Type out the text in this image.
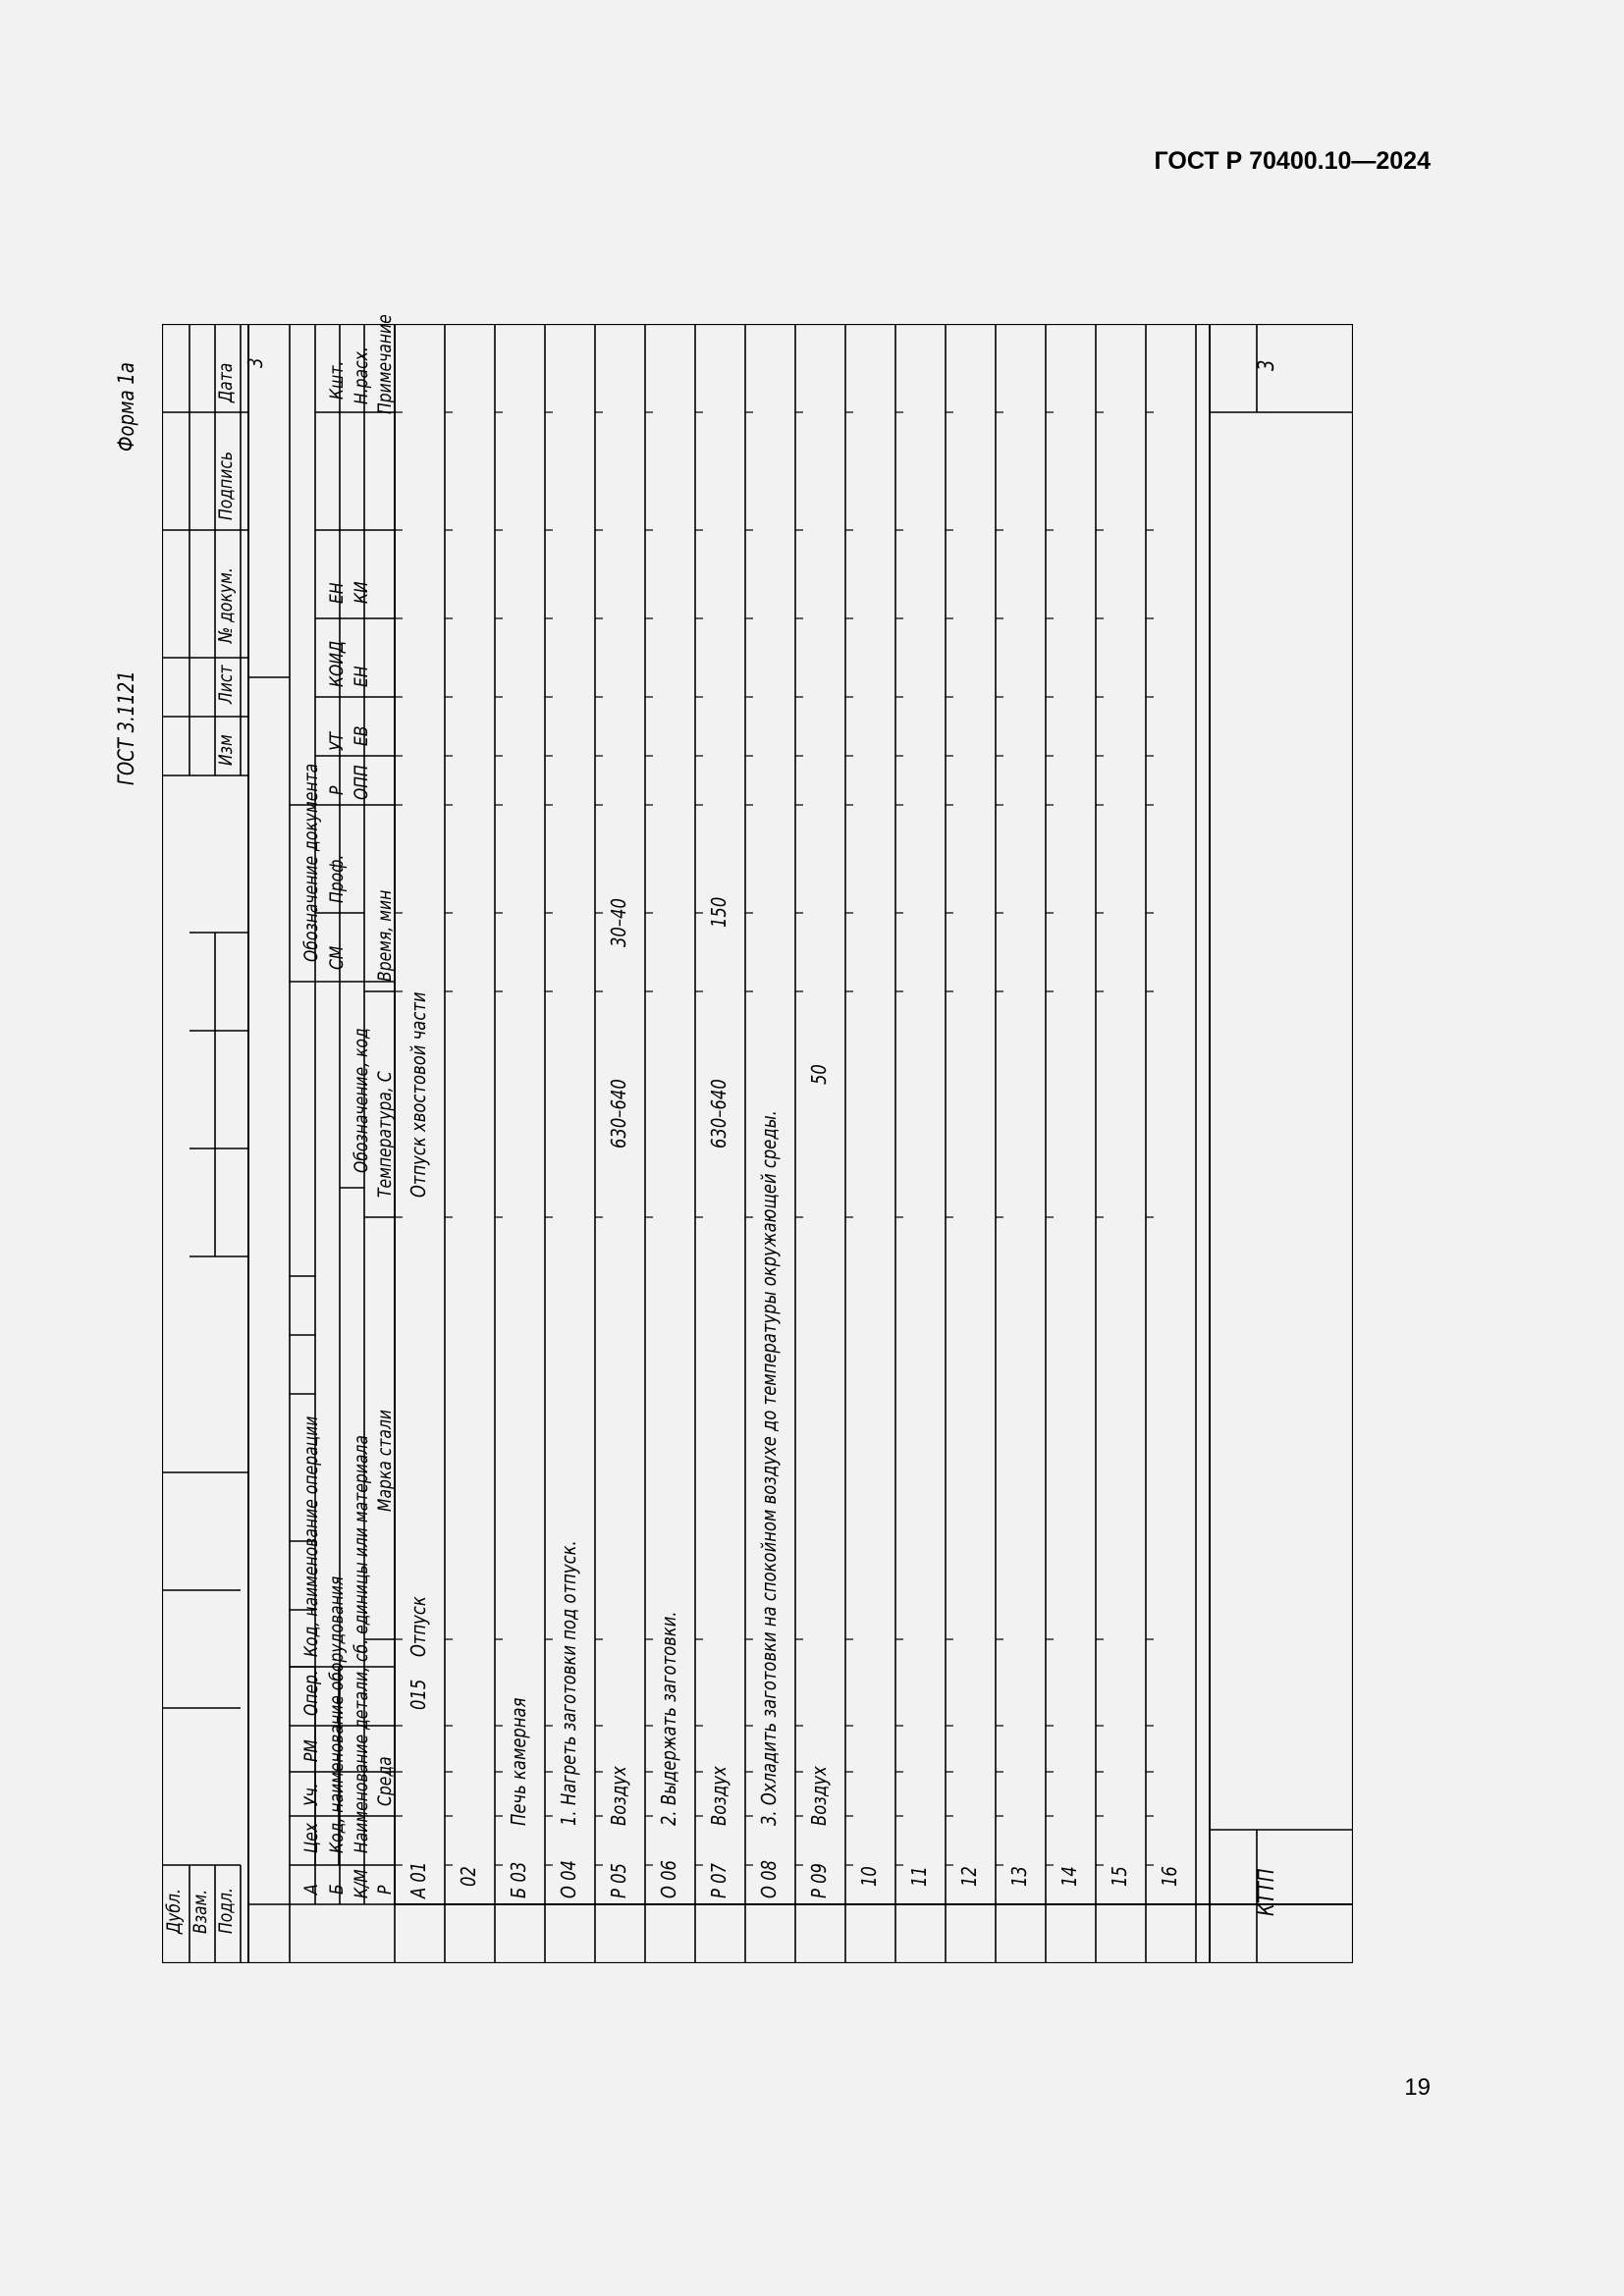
ГОСТ Р 70400.10—2024
Форма 1а
ГОСТ 3.1121
Дубл. Взам. Подл.
Изм
Лист
№ докум.
Подпись
Дата 3
А
Цех
Уч.
РМ
Опер.
Код, наименование операции
Обозначение документа
Б
Код, наименование оборудования
СМ
Проф.
Р
УТ
КОИД
ЕН
Кшт.
К/М
Наименование детали, сб. единицы или материала
Обозначение, код
ОПП
ЕВ
ЕН
КИ
Н.расх.
Р
Среда
Марка стали
Температура, С
Время, мин
Примечание
А 01
015
Отпуск
Отпуск хвостовой части
02 Б 03
Печь камерная
О 04
1. Нагреть заготовки под отпуск.
Р 05
Воздух
630–640
30–40
О 06
2. Выдержать заготовки.
Р 07
Воздух
630–640
150
О 08
3. Охладить заготовки на спокойном воздухе до температуры окружающей среды.
Р 09
Воздух
50
10 11 12 13 14 15 16	КТТП
3
19
